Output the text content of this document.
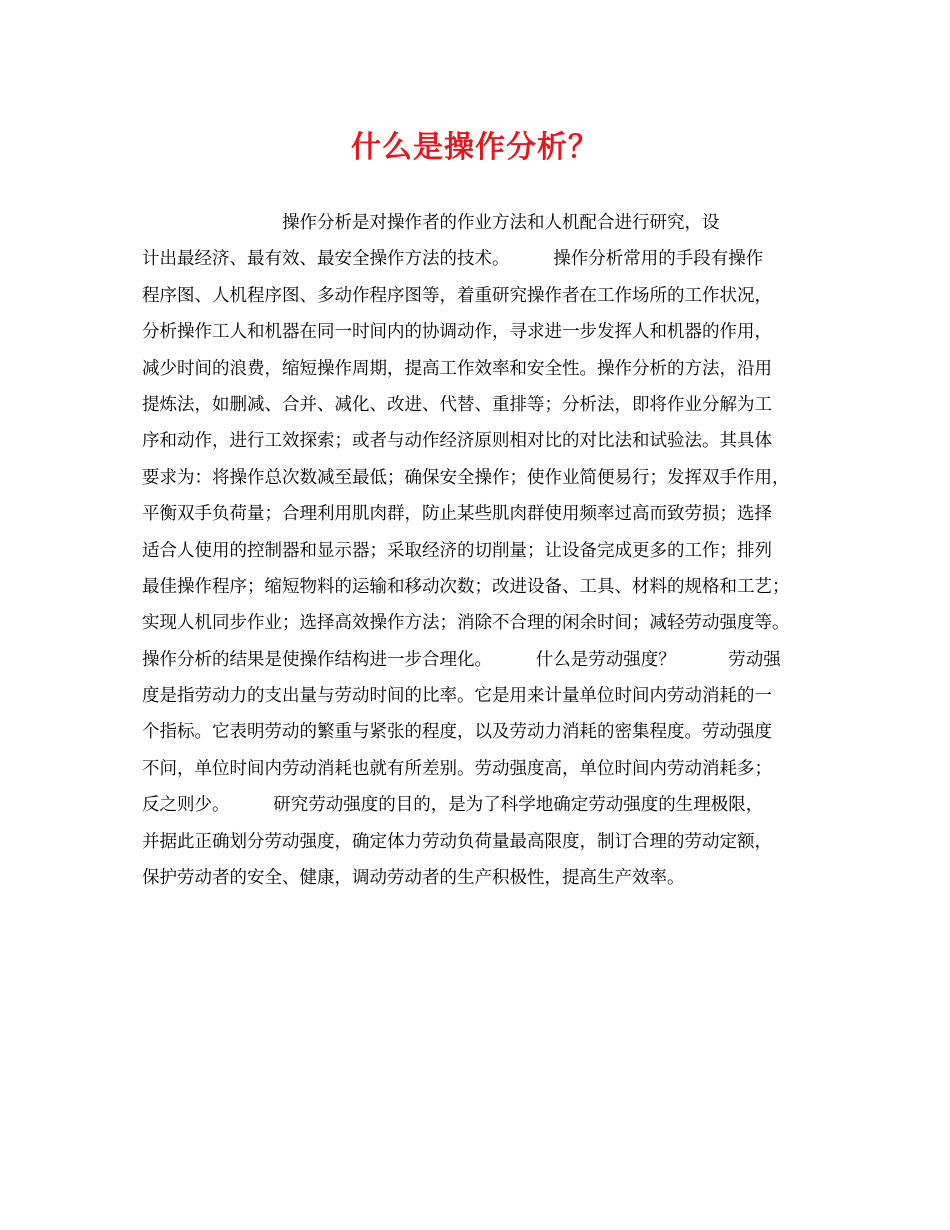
什么是操作分析？
　　　　　　　　操作分析是对操作者的作业方法和人机配合进行研究，设
计出最经济、最有效、最安全操作方法的技术。　　　操作分析常用的手段有操作
程序图、人机程序图、多动作程序图等，着重研究操作者在工作场所的工作状况，
分析操作工人和机器在同一时间内的协调动作，寻求进一步发挥人和机器的作用，
减少时间的浪费，缩短操作周期，提高工作效率和安全性。操作分析的方法，沿用
提炼法，如删减、合并、减化、改进、代替、重排等；分析法，即将作业分解为工
序和动作，进行工效探索；或者与动作经济原则相对比的对比法和试验法。其具体
要求为：将操作总次数减至最低；确保安全操作；使作业简便易行；发挥双手作用，
平衡双手负荷量；合理利用肌肉群，防止某些肌肉群使用频率过高而致劳损；选择
适合人使用的控制器和显示器；采取经济的切削量；让设备完成更多的工作；排列
最佳操作程序；缩短物料的运输和移动次数；改进设备、工具、材料的规格和工艺；
实现人机同步作业；选择高效操作方法；消除不合理的闲余时间；减轻劳动强度等。
操作分析的结果是使操作结构进一步合理化。　　　什么是劳动强度？　　　劳动强
度是指劳动力的支出量与劳动时间的比率。它是用来计量单位时间内劳动消耗的一
个指标。它表明劳动的繁重与紧张的程度，以及劳动力消耗的密集程度。劳动强度
不问，单位时间内劳动消耗也就有所差别。劳动强度高，单位时间内劳动消耗多；
反之则少。　　　研究劳动强度的目的，是为了科学地确定劳动强度的生理极限，
并据此正确划分劳动强度，确定体力劳动负荷量最高限度，制订合理的劳动定额，
保护劳动者的安全、健康，调动劳动者的生产积极性，提高生产效率。
